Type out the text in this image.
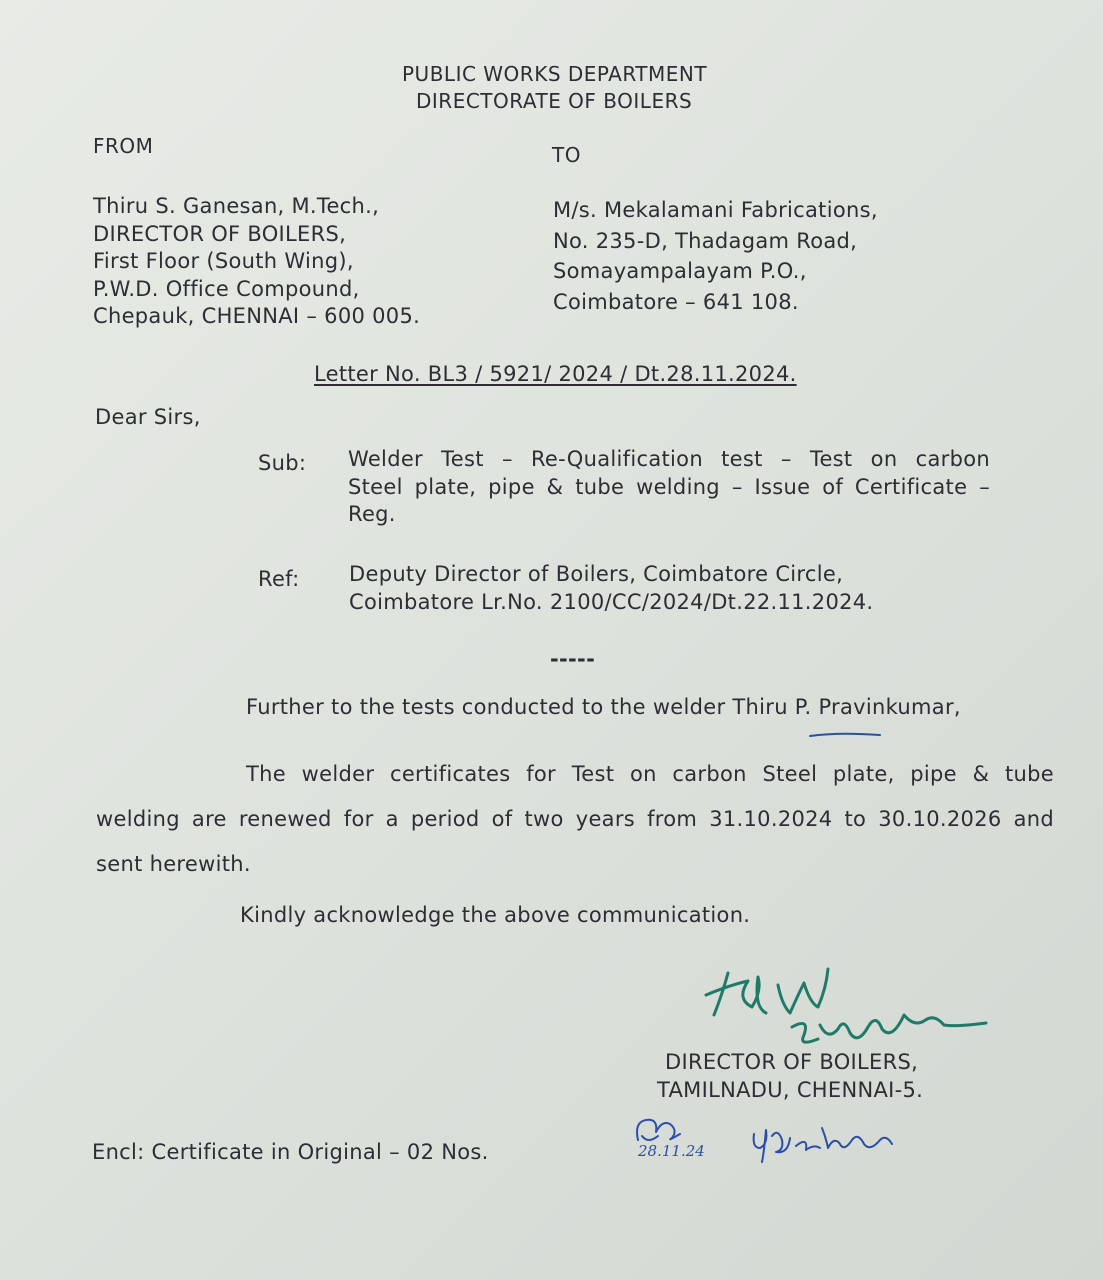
PUBLIC WORKS DEPARTMENT
DIRECTORATE OF BOILERS
FROM	TO
Thiru S. Ganesan, M.Tech.,
DIRECTOR OF BOILERS,
First Floor (South Wing),
P.W.D. Office Compound,
Chepauk, CHENNAI – 600 005.
M/s. Mekalamani Fabrications,
No. 235-D, Thadagam Road,
Somayampalayam P.O.,
Coimbatore – 641 108.
Letter No. BL3 / 5921/ 2024 / Dt.28.11.2024.
Dear Sirs,
Sub: Welder Test – Re-Qualification test – Test on carbon
Steel plate, pipe & tube welding – Issue of Certificate –
Reg.
Ref: Deputy Director of Boilers, Coimbatore Circle,
Coimbatore Lr.No. 2100/CC/2024/Dt.22.11.2024.
-----
Further to the tests conducted to the welder Thiru P. Pravinkumar,
The welder certificates for Test on carbon Steel plate, pipe & tube
welding are renewed for a period of two years from 31.10.2024 to 30.10.2026 and
sent herewith.
Kindly acknowledge the above communication.
DIRECTOR OF BOILERS,
TAMILNADU, CHENNAI-5.
28.11.24
Encl: Certificate in Original – 02 Nos.
